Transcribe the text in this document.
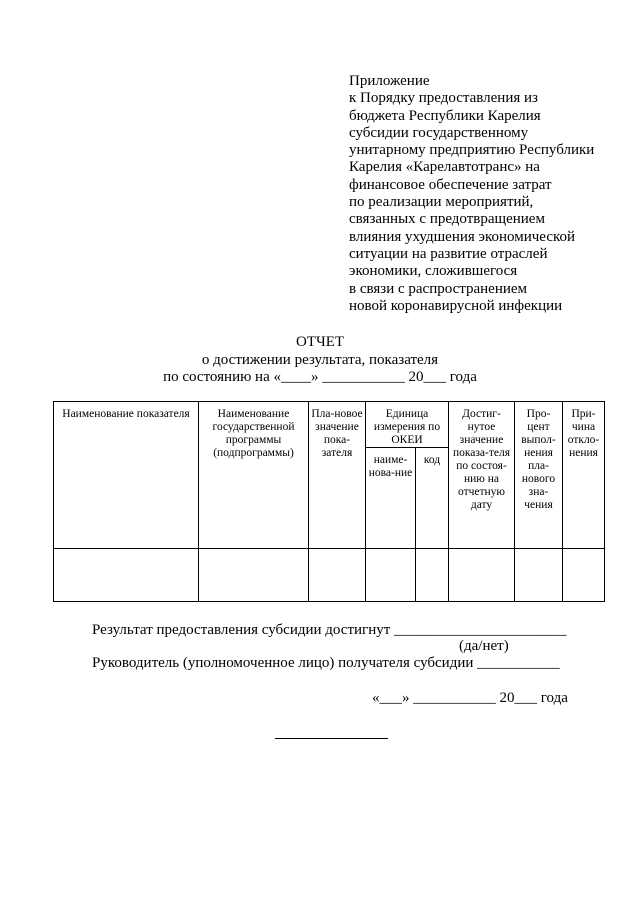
Приложение
к Порядку предоставления из
бюджета Республики Карелия
субсидии государственному
унитарному предприятию Республики
Карелия «Карелавтотранс» на
финансовое обеспечение затрат
по реализации мероприятий,
связанных с предотвращением
влияния ухудшения экономической
ситуации на развитие отраслей
экономики, сложившегося
в связи с распространением
новой коронавирусной инфекции
ОТЧЕТ
о достижении результата, показателя
по состоянию на «____» ___________ 20___ года
Наименование показателя	Наименование государственной программы (подпрограммы)	Пла-новое значение пока-зателя	Единица измерения по ОКЕИ		Достиг-нутое значение показа-теля по состоя-нию на отчетную дату	Про-цент выпол-нения пла-нового зна-чения	При-чина откло-нения
			наиме-нова-ние	код			

Результат предоставления субсидии достигнут _______________________
(да/нет)
Руководитель (уполномоченное лицо) получателя субсидии ___________
«___» ___________ 20___ года
